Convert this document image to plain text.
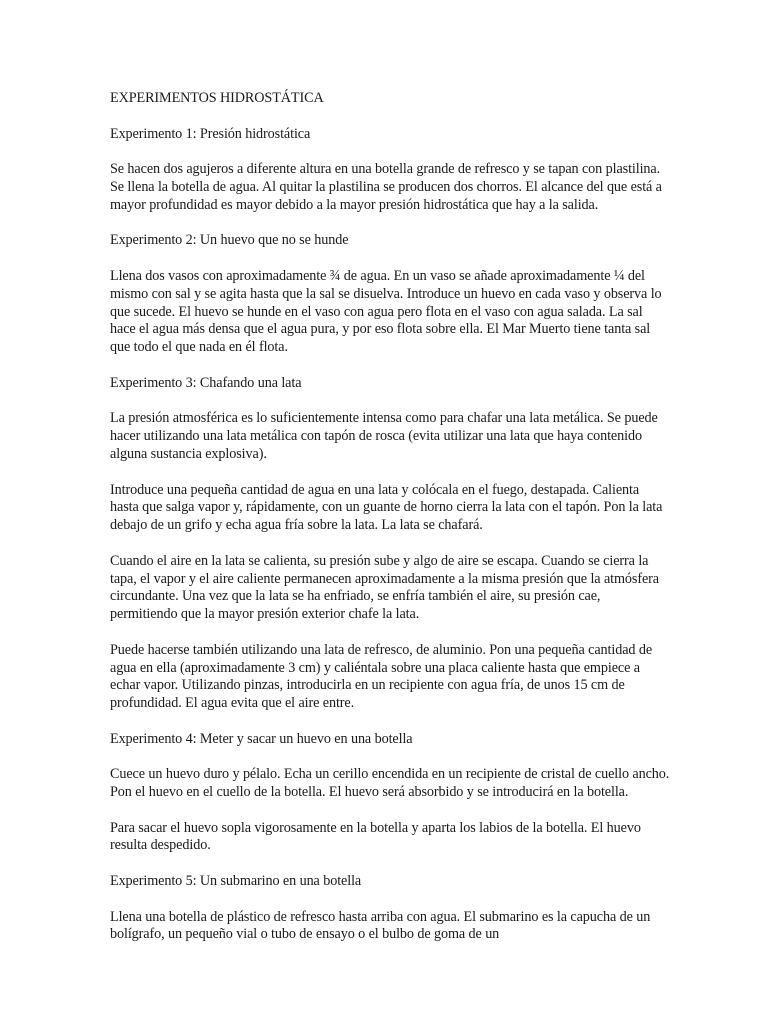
EXPERIMENTOS HIDROSTÁTICA
Experimento 1: Presión hidrostática

Se hacen dos agujeros a diferente altura en una botella grande de refresco y se tapan con plastilina. Se llena la botella de agua. Al quitar la plastilina se producen dos chorros. El alcance del que está a mayor profundidad es mayor debido a la mayor presión hidrostática que hay a la salida.

Experimento 2: Un huevo que no se hunde

Llena dos vasos con aproximadamente ¾ de agua. En un vaso se añade aproximadamente ¼ del mismo con sal y se agita hasta que la sal se disuelva. Introduce un huevo en cada vaso y observa lo que sucede. El huevo se hunde en el vaso con agua pero flota en el vaso con agua salada. La sal hace el agua más densa que el agua pura, y por eso flota sobre ella. El Mar Muerto tiene tanta sal que todo el que nada en él flota.

Experimento 3: Chafando una lata

La presión atmosférica es lo suficientemente intensa como para chafar una lata metálica. Se puede hacer utilizando una lata metálica con tapón de rosca (evita utilizar una lata que haya contenido alguna sustancia explosiva).

Introduce una pequeña cantidad de agua en una lata y colócala en el fuego, destapada. Calienta hasta que salga vapor y, rápidamente, con un guante de horno cierra la lata con el tapón. Pon la lata debajo de un grifo y echa agua fría sobre la lata. La lata se chafará.

Cuando el aire en la lata se calienta, su presión sube y algo de aire se escapa. Cuando se cierra la tapa, el vapor y el aire caliente permanecen aproximadamente a la misma presión que la atmósfera circundante. Una vez que la lata se ha enfriado, se enfría también el aire, su presión cae, permitiendo que la mayor presión exterior chafe la lata.

Puede hacerse también utilizando una lata de refresco, de aluminio. Pon una pequeña cantidad de agua en ella (aproximadamente 3 cm) y caliéntala sobre una placa caliente hasta que empiece a echar vapor. Utilizando pinzas, introducirla en un recipiente con agua fría, de unos 15 cm de profundidad. El agua evita que el aire entre.

Experimento 4: Meter y sacar un huevo en una botella

Cuece un huevo duro y pélalo. Echa un cerillo encendida en un recipiente de cristal de cuello ancho. Pon el huevo en el cuello de la botella. El huevo será absorbido y se introducirá en la botella.

Para sacar el huevo sopla vigorosamente en la botella y aparta los labios de la botella. El huevo resulta despedido.

Experimento 5: Un submarino en una botella

Llena una botella de plástico de refresco hasta arriba con agua. El submarino es la capucha de un bolígrafo, un pequeño vial o tubo de ensayo o el bulbo de goma de un
